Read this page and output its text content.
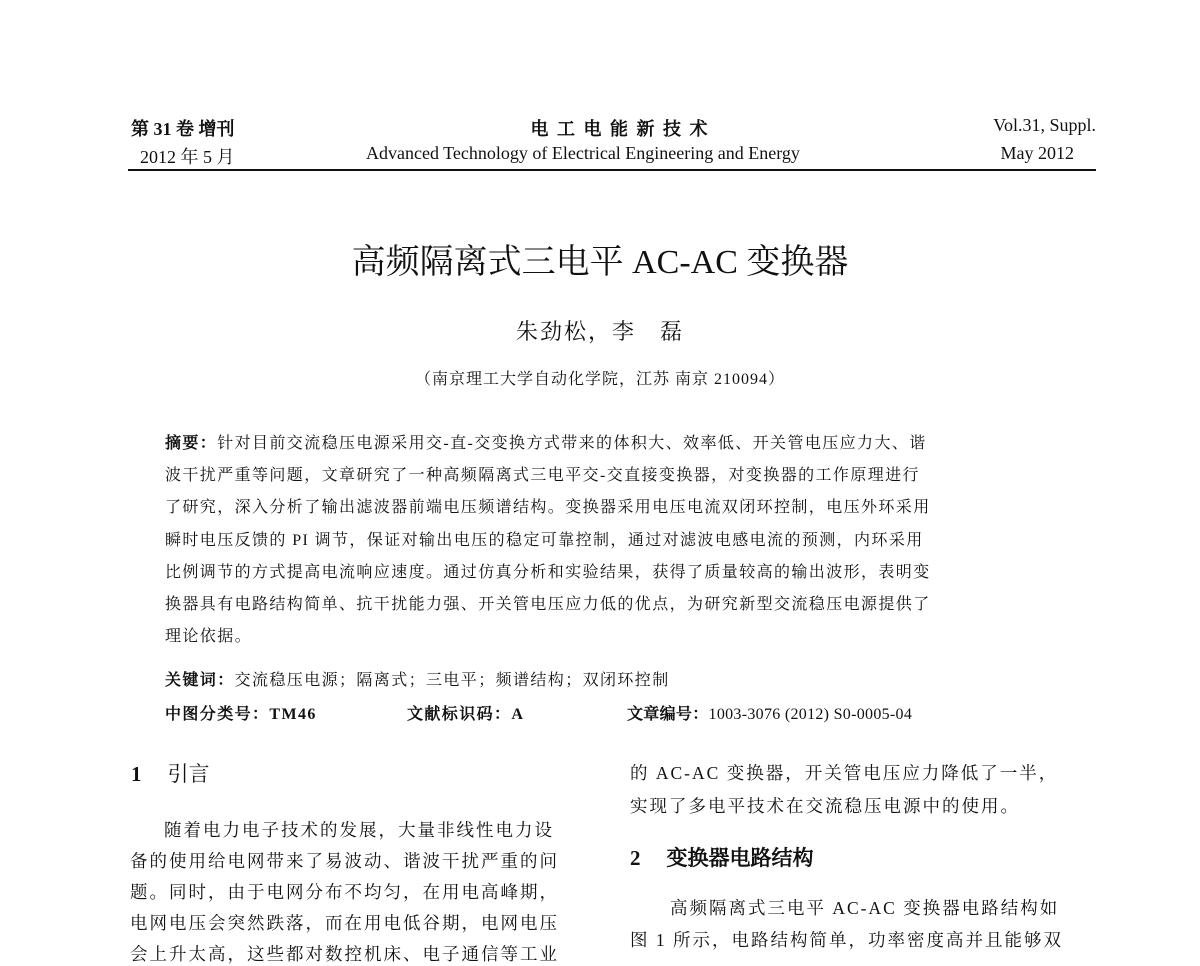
第 31 卷 增刊
2012 年 5 月
电 工 电 能 新 技 术
Advanced Technology of Electrical Engineering and Energy
Vol.31, Suppl.
May 2012
高频隔离式三电平 AC-AC 变换器
朱劲松，李　磊
（南京理工大学自动化学院，江苏 南京 210094）
摘要：针对目前交流稳压电源采用交-直-交变换方式带来的体积大、效率低、开关管电压应力大、谐
波干扰严重等问题，文章研究了一种高频隔离式三电平交-交直接变换器，对变换器的工作原理进行
了研究，深入分析了输出滤波器前端电压频谱结构。变换器采用电压电流双闭环控制，电压外环采用
瞬时电压反馈的 PI 调节，保证对输出电压的稳定可靠控制，通过对滤波电感电流的预测，内环采用
比例调节的方式提高电流响应速度。通过仿真分析和实验结果，获得了质量较高的输出波形，表明变
换器具有电路结构简单、抗干扰能力强、开关管电压应力低的优点，为研究新型交流稳压电源提供了
理论依据。
关键词：交流稳压电源；隔离式；三电平；频谱结构；双闭环控制
中图分类号：TM46	文献标识码：A	文章编号：1003-3076 (2012) S0-0005-04
1 引言
随着电力电子技术的发展，大量非线性电力设
备的使用给电网带来了易波动、谐波干扰严重的问
题。同时，由于电网分布不均匀，在用电高峰期，
电网电压会突然跌落，而在用电低谷期，电网电压
会上升太高，这些都对数控机床、电子通信等工业
的 AC-AC 变换器，开关管电压应力降低了一半，
实现了多电平技术在交流稳压电源中的使用。
2 变换器电路结构
高频隔离式三电平 AC-AC 变换器电路结构如
图 1 所示，电路结构简单，功率密度高并且能够双
